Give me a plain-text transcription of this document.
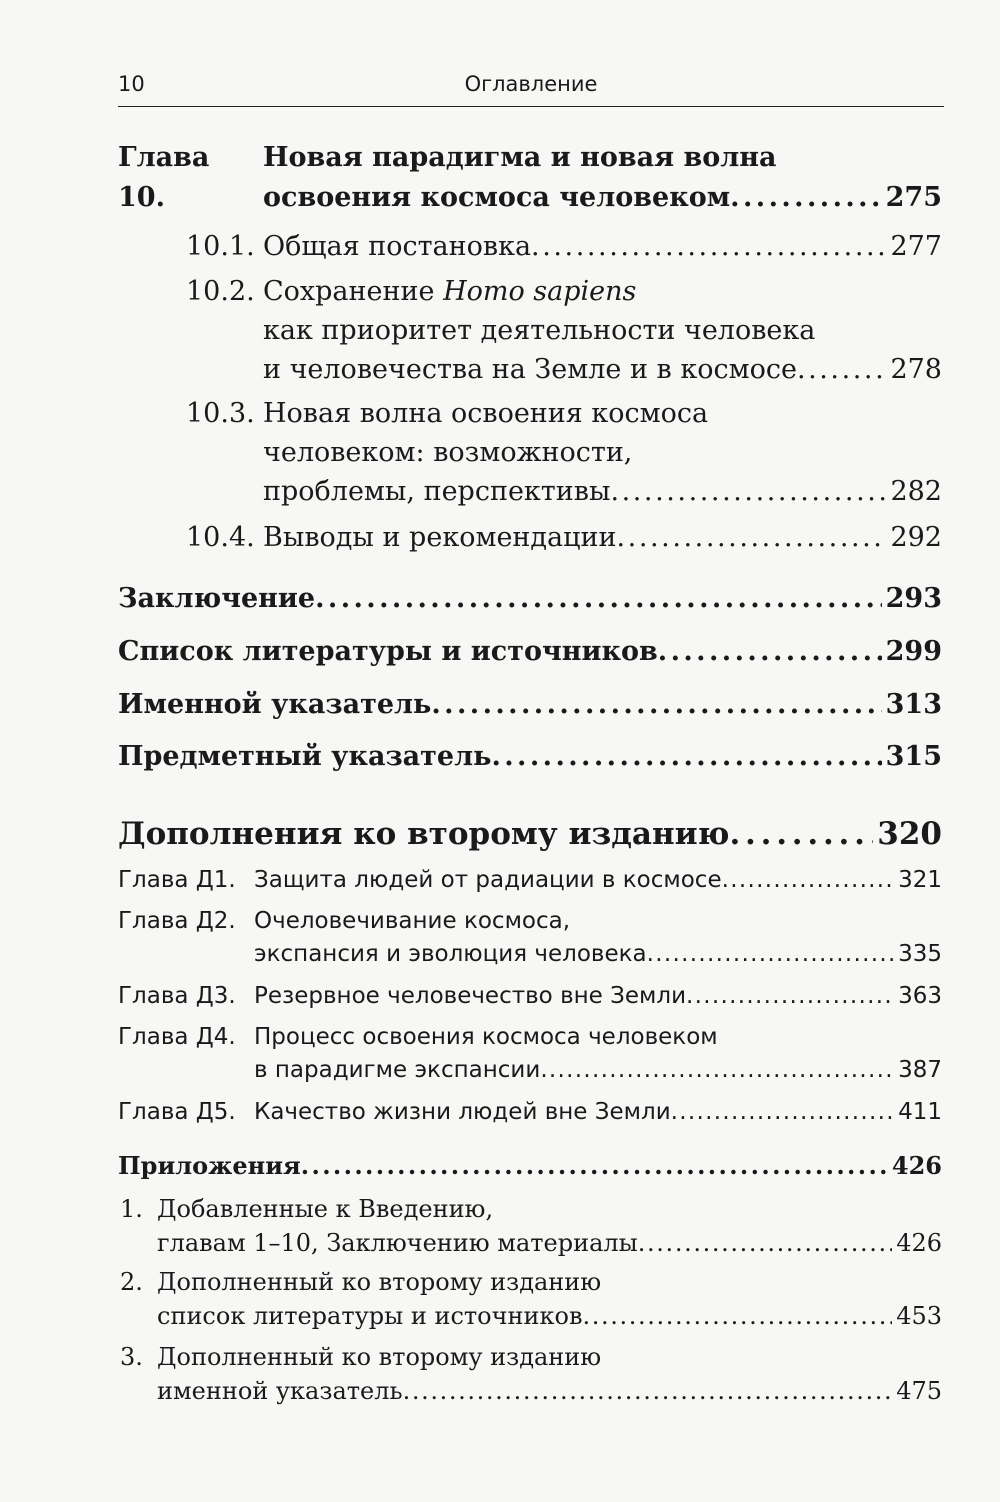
10	Оглавление
Глава 10.
Новая парадигма и новая волна
освоения космоса человеком . . .	275
10.1. Общая постановка . . .	277
10.2. Сохранение Homo sapiens
как приоритет деятельности человека
и человечества на Земле и в космосе . . .	278
10.3. Новая волна освоения космоса
человеком: возможности,
проблемы, перспективы . . .	282
10.4. Выводы и рекомендации . . .	292
Заключение . . .	293
Список литературы и источников . . .	299
Именной указатель . . .	313
Предметный указатель . . .	315
Дополнения ко второму изданию . . .	320
Глава Д1. Защита людей от радиации в космосе . . .	321
Глава Д2. Очеловечивание космоса,
экспансия и эволюция человека . . .	335
Глава Д3. Резервное человечество вне Земли . . .	363
Глава Д4. Процесс освоения космоса человеком
в парадигме экспансии . . .	387
Глава Д5. Качество жизни людей вне Земли . . .	411
Приложения . . .	426
1. Добавленные к Введению,
главам 1–10, Заключению материалы . . .	426
2. Дополненный ко второму изданию
список литературы и источников . . .	453
3. Дополненный ко второму изданию
именной указатель . . .	475
